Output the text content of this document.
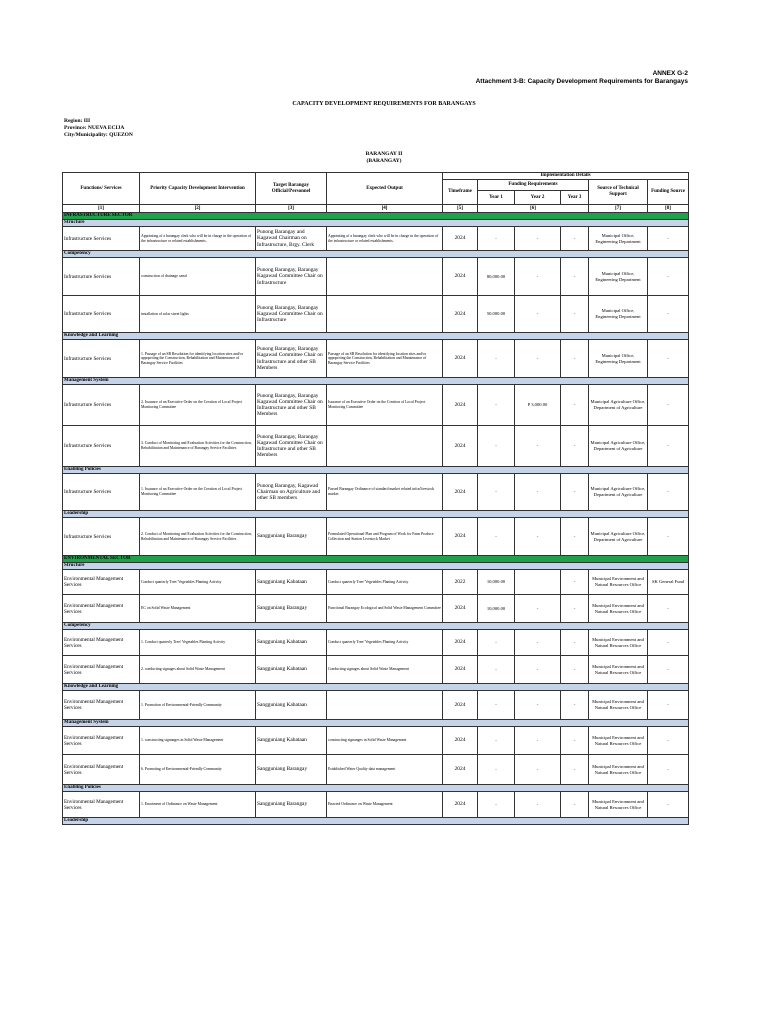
ANNEX G-2
Attachment 3-B: Capacity Development Requirements for Barangays
CAPACITY DEVELOPMENT REQUIREMENTS FOR BARANGAYS
Region: III
Province: NUEVA ECIJA
City/Municipality: QUEZON
BARANGAY II
(BARANGAY)
Functions/ Services	Priority Capacity Development Intervention	Target Barangay Official/Personnel	Expected Output	Implementation Details					
				Timeframe	Funding Requirements			Source of Technical Support	Funding Source
					Year 1	Year 2	Year 3		
[1]	[2]	[3]	[4]	[5]	[6]			[7]	[8]
INFRASTRUCTURE SECTOR									
Structure									
Infrastructure Services	Appointing of a barangay clerk who will be in charge in the operation of the infrastructure or related establishments.	Punong Barangay and Kagawad Chairman on Infrastructure, Brgy. Clerk	Appointing of a barangay clerk who will be in charge in the operation of the infrastructure or related establishments.	2024	-	-	-	Municipal Office, Engineering Department	-
Competency									
Infrastructure Services	construction of drainage canal	Punong Barangay, Barangay Kagawad Committee Chair on Infrastructure		2024	80,000.00	-	-	Municipal Office, Engineering Department	-
Infrastructure Services	installation of solar street lights	Punong Barangay, Barangay Kagawad Committee Chair on Infrastructure		2024	50,000.00	-	-	Municipal Office, Engineering Department	-
Knowledge and Learning									
Infrastructure Services	1. Passage of an SB Resolution for identifying location sites and/or appopriting the Construction, Rehabilitation and Maintenance of Barangay Service Facilities	Punong Barangay, Barangay Kagawad Committee Chair on Infrastructure and other SB Members	Passage of an SB Resolution for identifying location sites and/or appopriting the Construction, Rehabilitation and Maintenance of Barangay Service Facilities	2024	-	-	-	Municipal Office, Engineering Department	-
Management System									
Infrastructure Services	2. Issuance of an Executive Order on the Creation of Local Project Monitoring Committee	Punong Barangay, Barangay Kagawad Committee Chair on Infrastructure and other SB Members	Issuance of an Executive Order on the Creation of Local Project Monitoring Committee	2024	-	P 3,000.00	-	Municipal Agriculture Office, Department of Agriculture	-
Infrastructure Services	3. Conduct of Monitoring and Evaluation Activities for the Construction, Rehabilitation and Maintenance of Barangay Service Facilities	Punong Barangay, Barangay Kagawad Committee Chair on Infrastructure and other SB Members		2024	-	-	-	Municipal Agriculture Office, Department of Agriculture	-
Enabling Policies									
Infrastructure Services	1. Issuance of an Executive Order on the Creation of Local Project Monitoring Committee	Punong Barangay, Kagawad Chairman on Agriculture and other SB members	Passed Barangay Ordinance of standard market related infra/livestock market	2024	-	-	-	Municipal Agriculture Office, Department of Agriculture	-
Leadership									
Infrastructure Services	2. Conduct of Monitoring and Evaluation Activities for the Construction, Rehabilitation and Maintenance of Barangay Service Facilities	Sangguniang Barangay	Formulated Operational Plan and Program of Work for Farm Produce Collection and Station Livestock Market	2024	-	-	-	Municipal Agriculture Office, Department of Agriculture	-
ENVIRONMENTAL SECTOR									
Structure									
Environmental Management Services	Conduct quarterly Tree/ Vegetables Planting Activity	Sangguniang Kabataan	Conduct quarterly Tree/ Vegetables Planting Activity	2022	10,000.00		-	Municipal Environment and Natural Resources Office	SK General Fund
Environmental Management Services	EC on Solid Waste Management	Sangguniang Barangay	Functional Barangay Ecological and Solid Waste Management Committee	2024	10,000.00	-	-	Municipal Environment and Natural Resources Office	-
Competency									
Environmental Management Services	1. Conduct quarterly Tree/ Vegetables Planting Activity	Sangguniang Kabataan	Conduct quarterly Tree/ Vegetables Planting Activity	2024	-	-	-	Municipal Environment and Natural Resources Office	-
Environmental Management Services	2. conducting signages about Solid Waste Management	Sangguniang Kabataan	Conducting signages about Solid Waste Management	2024	-	-	-	Municipal Environment and Natural Resources Office	-
Knowledge and Learning									
Environmental Management Services	1. Promotion of Environmental-Friendly Community	Sangguniang Kabataan		2024	-	-	-	Municipal Environment and Natural Resources Office	-
Management System									
Environmental Management Services	1. constructing signanges in Solid Waste Management	Sangguniang Kabataan	constructing signanges in Solid Waste Management	2024	-	-	-	Municipal Environment and Natural Resources Office	-
Environmental Management Services	6. Promoting of Environmental-Friendly Community	Sangguniang Barangay	Established Water Quality data management	2024	-	-	-	Municipal Environment and Natural Resources Office	-
Enabling Policies									
Environmental Management Services	1. Enactment of Ordinance on Waste Management	Sangguniang Barangay	Enacted Ordinance on Waste Management	2024	-	-	-	Municipal Environment and Natural Resources Office	-
Leadership									
